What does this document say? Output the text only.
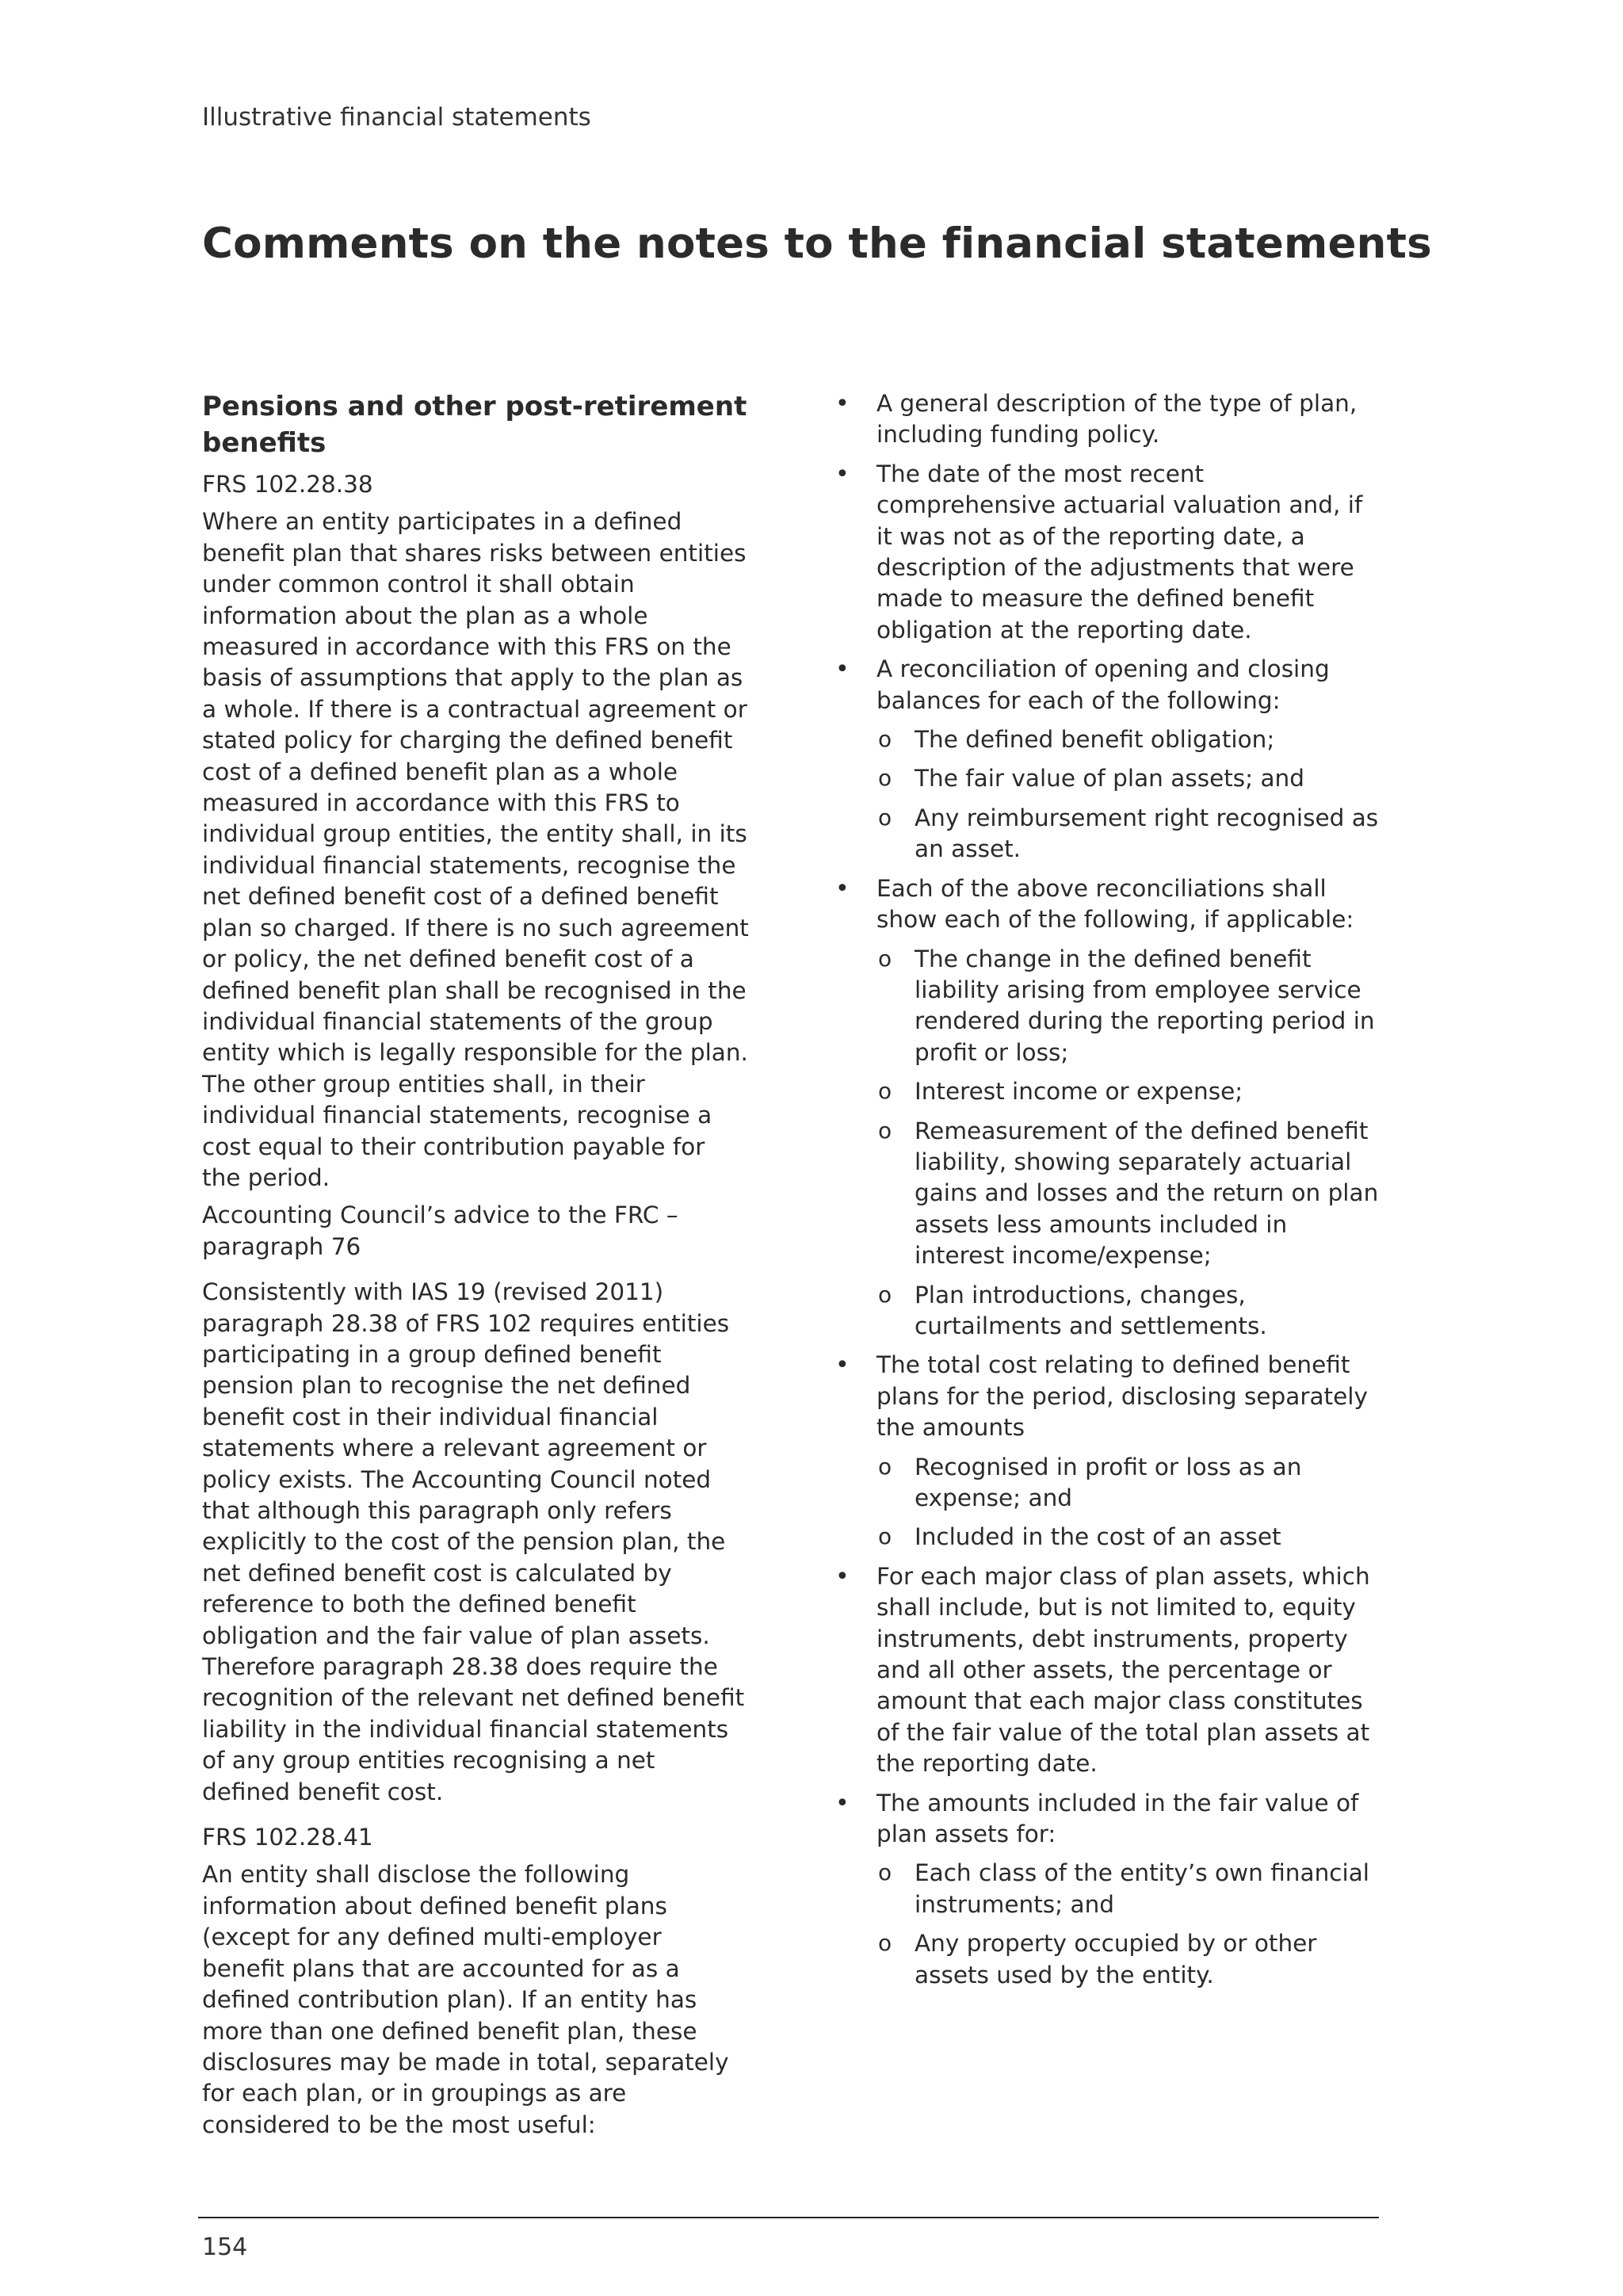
Illustrative financial statements
Comments on the notes to the financial statements
Pensions and other post-retirement benefits

FRS 102.28.38

Where an entity participates in a defined benefit plan that shares risks between entities under common control it shall obtain information about the plan as a whole measured in accordance with this FRS on the basis of assumptions that apply to the plan as a whole. If there is a contractual agreement or stated policy for charging the defined benefit cost of a defined benefit plan as a whole measured in accordance with this FRS to individual group entities, the entity shall, in its individual financial statements, recognise the net defined benefit cost of a defined benefit plan so charged. If there is no such agreement or policy, the net defined benefit cost of a defined benefit plan shall be recognised in the individual financial statements of the group entity which is legally responsible for the plan. The other group entities shall, in their individual financial statements, recognise a cost equal to their contribution payable for the period.

Accounting Council’s advice to the FRC – paragraph 76

Consistently with IAS 19 (revised 2011) paragraph 28.38 of FRS 102 requires entities participating in a group defined benefit pension plan to recognise the net defined benefit cost in their individual financial statements where a relevant agreement or policy exists. The Accounting Council noted that although this paragraph only refers explicitly to the cost of the pension plan, the net defined benefit cost is calculated by reference to both the defined benefit obligation and the fair value of plan assets. Therefore paragraph 28.38 does require the recognition of the relevant net defined benefit liability in the individual financial statements of any group entities recognising a net defined benefit cost.

FRS 102.28.41

An entity shall disclose the following information about defined benefit plans (except for any defined multi-employer benefit plans that are accounted for as a defined contribution plan). If an entity has more than one defined benefit plan, these disclosures may be made in total, separately for each plan, or in groupings as are considered to be the most useful:

• A general description of the type of plan, including funding policy.
• The date of the most recent comprehensive actuarial valuation and, if it was not as of the reporting date, a description of the adjustments that were made to measure the defined benefit obligation at the reporting date.
• A reconciliation of opening and closing balances for each of the following:
o The defined benefit obligation;
o The fair value of plan assets; and
o Any reimbursement right recognised as an asset.
• Each of the above reconciliations shall show each of the following, if applicable:
o The change in the defined benefit liability arising from employee service rendered during the reporting period in profit or loss;
o Interest income or expense;
o Remeasurement of the defined benefit liability, showing separately actuarial gains and losses and the return on plan assets less amounts included in interest income/expense;
o Plan introductions, changes, curtailments and settlements.
• The total cost relating to defined benefit plans for the period, disclosing separately the amounts
o Recognised in profit or loss as an expense; and
o Included in the cost of an asset
• For each major class of plan assets, which shall include, but is not limited to, equity instruments, debt instruments, property and all other assets, the percentage or amount that each major class constitutes of the fair value of the total plan assets at the reporting date.
• The amounts included in the fair value of plan assets for:
o Each class of the entity’s own financial instruments; and
o Any property occupied by or other assets used by the entity.
154
